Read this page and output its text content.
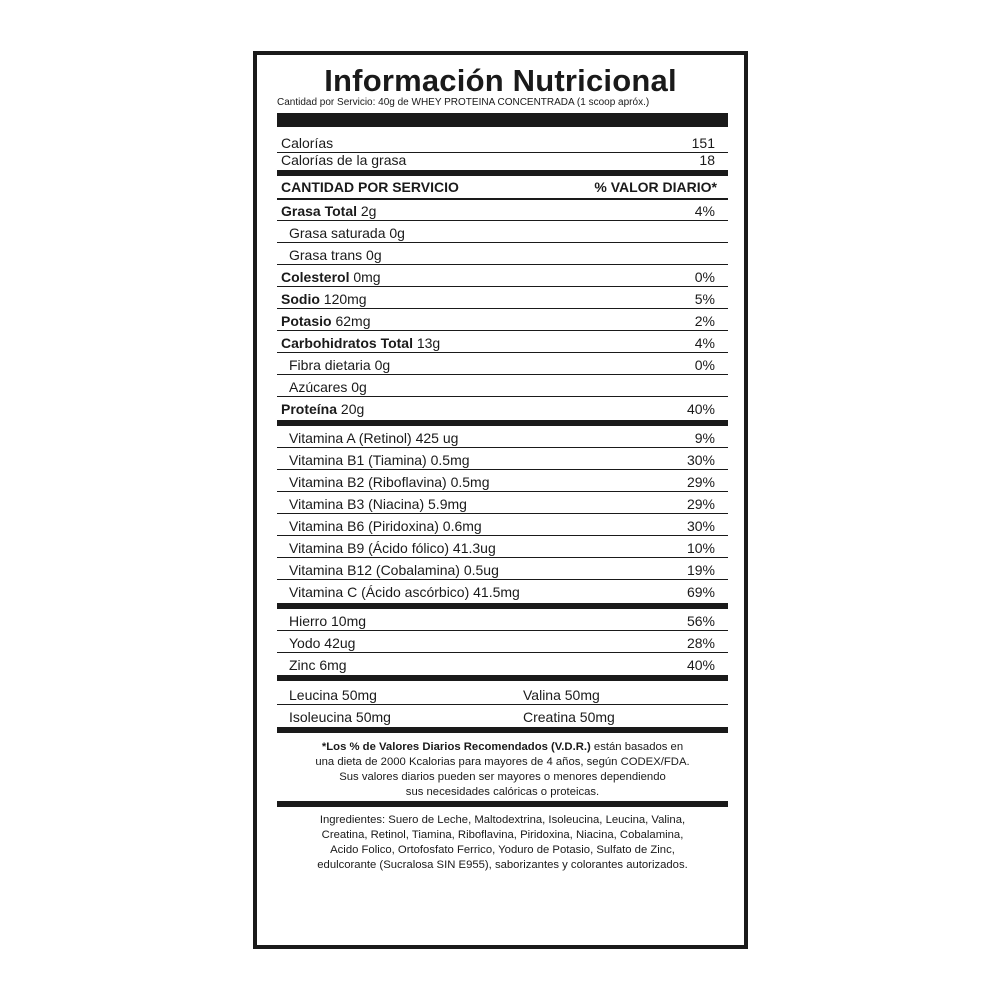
Información Nutricional
Cantidad por Servicio: 40g de WHEY PROTEINA CONCENTRADA (1 scoop apróx.)
Calorías	151
Calorías de la grasa	18
CANTIDAD POR SERVICIO	% VALOR DIARIO*
Grasa Total 2g	4%
Grasa saturada 0g
Grasa trans 0g
Colesterol 0mg	0%
Sodio 120mg	5%
Potasio 62mg	2%
Carbohidratos Total 13g	4%
Fibra dietaria 0g	0%
Azúcares 0g
Proteína 20g	40%
Vitamina A (Retinol) 425 ug	9%
Vitamina B1 (Tiamina) 0.5mg	30%
Vitamina B2 (Riboflavina) 0.5mg	29%
Vitamina B3 (Niacina) 5.9mg	29%
Vitamina B6 (Piridoxina) 0.6mg	30%
Vitamina B9 (Ácido fólico) 41.3ug	10%
Vitamina B12 (Cobalamina) 0.5ug	19%
Vitamina C (Ácido ascórbico) 41.5mg	69%
Hierro 10mg	56%
Yodo 42ug	28%
Zinc 6mg	40%
Leucina 50mg	Valina 50mg
Isoleucina 50mg	Creatina 50mg
*Los % de Valores Diarios Recomendados (V.D.R.) están basados en
una dieta de 2000 Kcalorias para mayores de 4 años, según CODEX/FDA.
Sus valores diarios pueden ser mayores o menores dependiendo
sus necesidades calóricas o proteicas.
Ingredientes: Suero de Leche, Maltodextrina, Isoleucina, Leucina, Valina,
Creatina, Retinol, Tiamina, Riboflavina, Piridoxina, Niacina, Cobalamina,
Acido Folico, Ortofosfato Ferrico, Yoduro de Potasio, Sulfato de Zinc,
edulcorante (Sucralosa SIN E955), saborizantes y colorantes autorizados.
